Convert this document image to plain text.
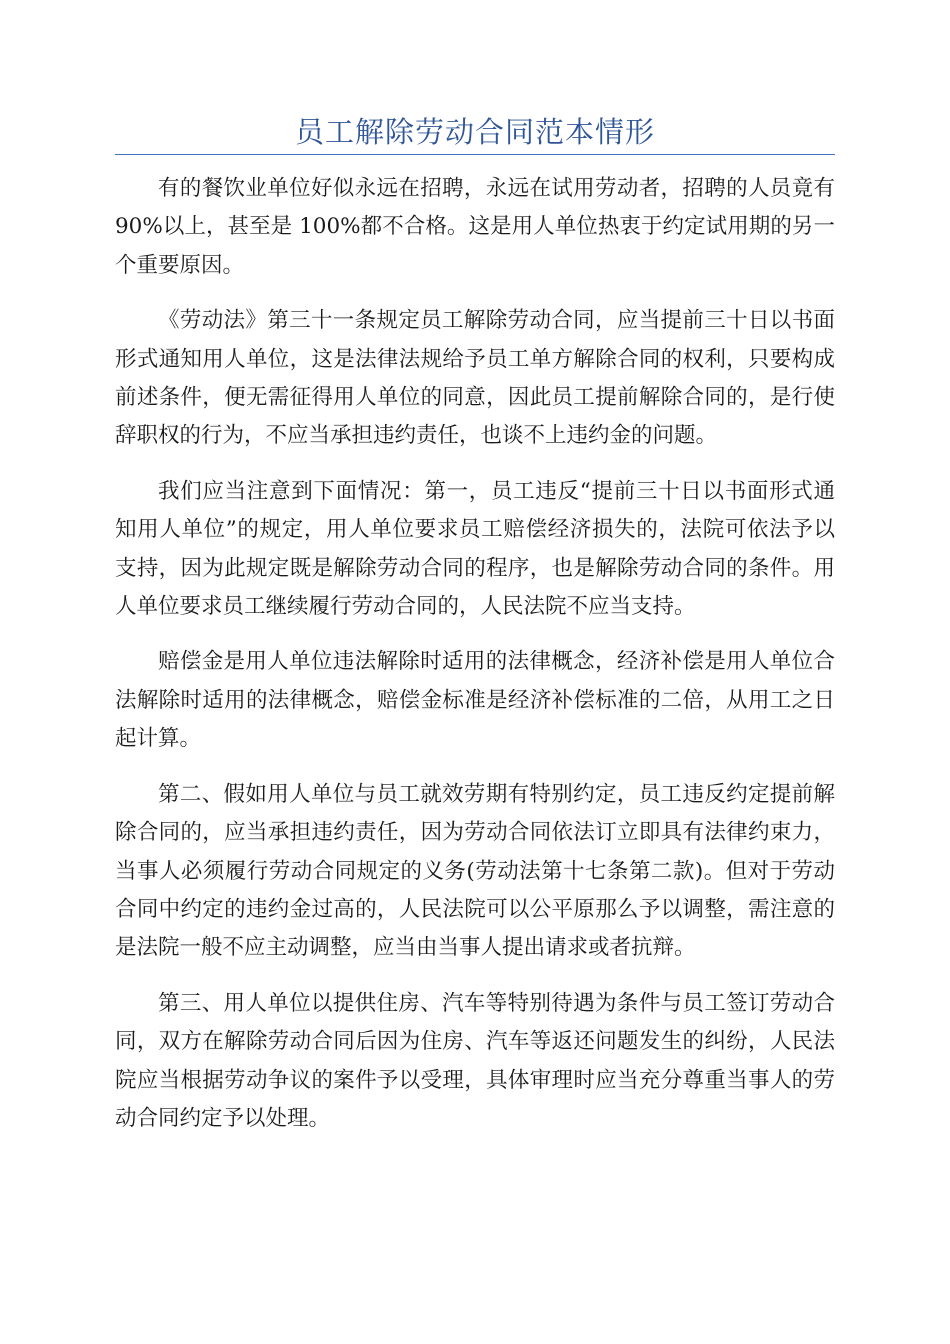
员工解除劳动合同范本情形

有的餐饮业单位好似永远在招聘，永远在试用劳动者，招聘的人员竟有 90%以上，甚至是 100%都不合格。这是用人单位热衷于约定试用期的另一个重要原因。

《劳动法》第三十一条规定员工解除劳动合同，应当提前三十日以书面形式通知用人单位，这是法律法规给予员工单方解除合同的权利，只要构成前述条件，便无需征得用人单位的同意，因此员工提前解除合同的，是行使辞职权的行为，不应当承担违约责任，也谈不上违约金的问题。

我们应当注意到下面情况：第一，员工违反“提前三十日以书面形式通知用人单位”的规定，用人单位要求员工赔偿经济损失的，法院可依法予以支持，因为此规定既是解除劳动合同的程序，也是解除劳动合同的条件。用人单位要求员工继续履行劳动合同的，人民法院不应当支持。

赔偿金是用人单位违法解除时适用的法律概念，经济补偿是用人单位合法解除时适用的法律概念，赔偿金标准是经济补偿标准的二倍，从用工之日起计算。

第二、假如用人单位与员工就效劳期有特别约定，员工违反约定提前解除合同的，应当承担违约责任，因为劳动合同依法订立即具有法律约束力，当事人必须履行劳动合同规定的义务(劳动法第十七条第二款)。但对于劳动合同中约定的违约金过高的，人民法院可以公平原那么予以调整，需注意的是法院一般不应主动调整，应当由当事人提出请求或者抗辩。

第三、用人单位以提供住房、汽车等特别待遇为条件与员工签订劳动合同，双方在解除劳动合同后因为住房、汽车等返还问题发生的纠纷，人民法院应当根据劳动争议的案件予以受理，具体审理时应当充分尊重当事人的劳动合同约定予以处理。
